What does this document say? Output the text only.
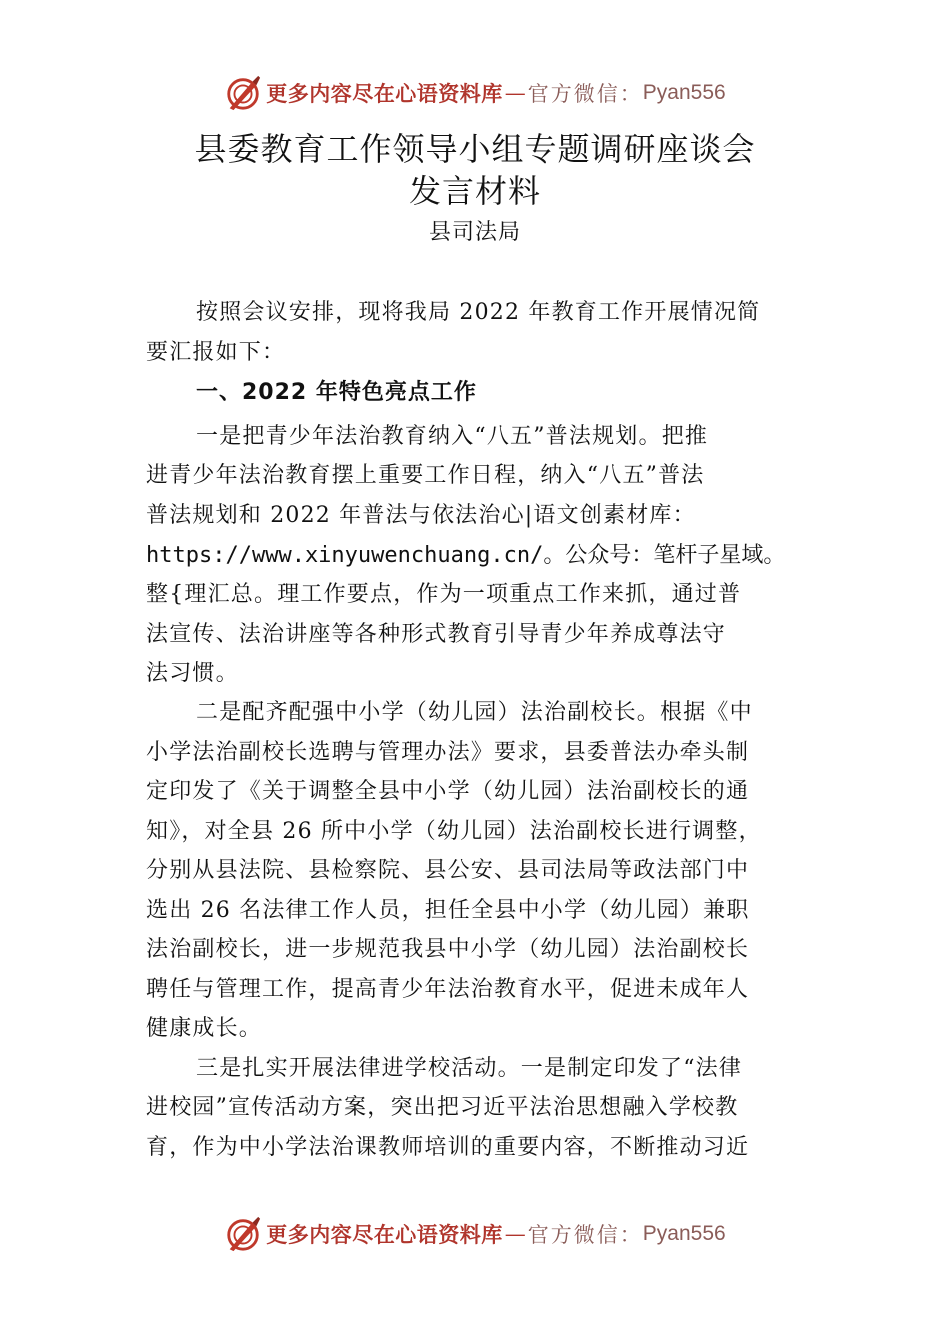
更多内容尽在心语资料库 — 官方微信： Pyan556
县委教育工作领导小组专题调研座谈会
发言材料
县司法局
按照会议安排，现将我局 2022 年教育工作开展情况简
要汇报如下：
一、2022 年特色亮点工作
一是把青少年法治教育纳入“八五”普法规划。把推
进青少年法治教育摆上重要工作日程，纳入“八五”普法
普法规划和 2022 年普法与依法治心|语文创素材库：
https://www.xinyuwenchuang.cn/。公众号：笔杆子星域。
整{理汇总。理工作要点，作为一项重点工作来抓，通过普
法宣传、法治讲座等各种形式教育引导青少年养成尊法守
法习惯。
二是配齐配强中小学（幼儿园）法治副校长。根据《中
小学法治副校长选聘与管理办法》要求，县委普法办牵头制
定印发了《关于调整全县中小学（幼儿园）法治副校长的通
知》，对全县 26 所中小学（幼儿园）法治副校长进行调整，
分别从县法院、县检察院、县公安、县司法局等政法部门中
选出 26 名法律工作人员，担任全县中小学（幼儿园）兼职
法治副校长，进一步规范我县中小学（幼儿园）法治副校长
聘任与管理工作，提高青少年法治教育水平，促进未成年人
健康成长。
三是扎实开展法律进学校活动。一是制定印发了“法律
进校园”宣传活动方案，突出把习近平法治思想融入学校教
育，作为中小学法治课教师培训的重要内容，不断推动习近
更多内容尽在心语资料库 — 官方微信： Pyan556
